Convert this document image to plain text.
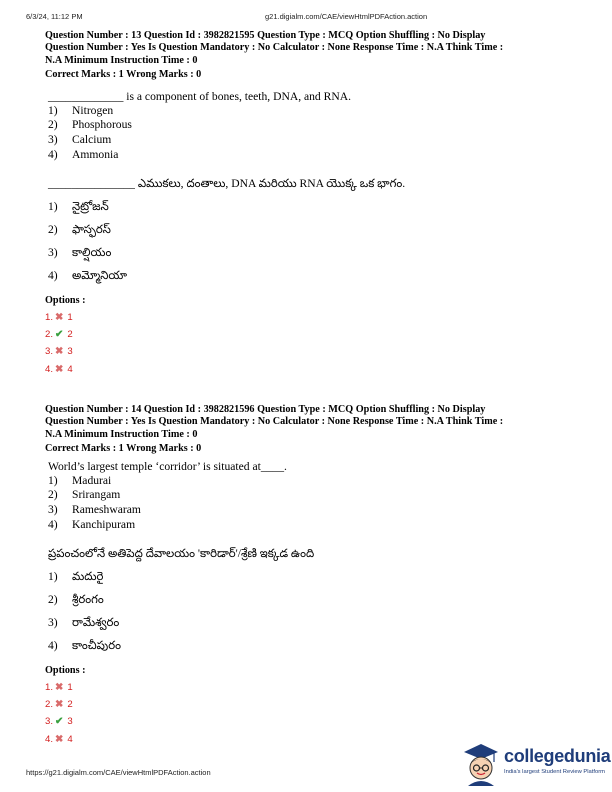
6/3/24, 11:12 PM	g21.digialm.com/CAE/viewHtmlPDFAction.action

Question Number : 13 Question Id : 3982821595 Question Type : MCQ Option Shuffling : No Display

Question Number : Yes Is Question Mandatory : No Calculator : None Response Time : N.A Think Time :

N.A Minimum Instruction Time : 0

Correct Marks : 1 Wrong Marks : 0

_____________ is a component of bones, teeth, DNA, and RNA.

1)	Nitrogen
2)	Phosphorous
3)	Calcium
4)	Ammonia

_______________ ఎముకలు, దంతాలు, DNA మరియు RNA యొక్క ఒక భాగం.

1)	నైట్రోజన్
2)	ఫాస్ఫరస్
3)	కాల్షియం
4)	అమ్మోనియా

Options :

1. ✖ 1
2. ✔ 2
3. ✖ 3
4. ✖ 4

Question Number : 14 Question Id : 3982821596 Question Type : MCQ Option Shuffling : No Display

Question Number : Yes Is Question Mandatory : No Calculator : None Response Time : N.A Think Time :

N.A Minimum Instruction Time : 0

Correct Marks : 1 Wrong Marks : 0

World’s largest temple ‘corridor’ is situated at____.

1)	Madurai
2)	Srirangam
3)	Rameshwaram
4)	Kanchipuram

ప్రపంచంలోనే అతిపెద్ద దేవాలయం 'కారిడార్'/శ్రేణి ఇక్కడ ఉంది

1)	మదురై
2)	శ్రీరంగం
3)	రామేశ్వరం
4)	కాంచీపురం

Options :

1. ✖ 1
2. ✖ 2
3. ✔ 3
4. ✖ 4
https://g21.digialm.com/CAE/viewHtmlPDFAction.action
collegedunia
India's largest Student Review Platform
